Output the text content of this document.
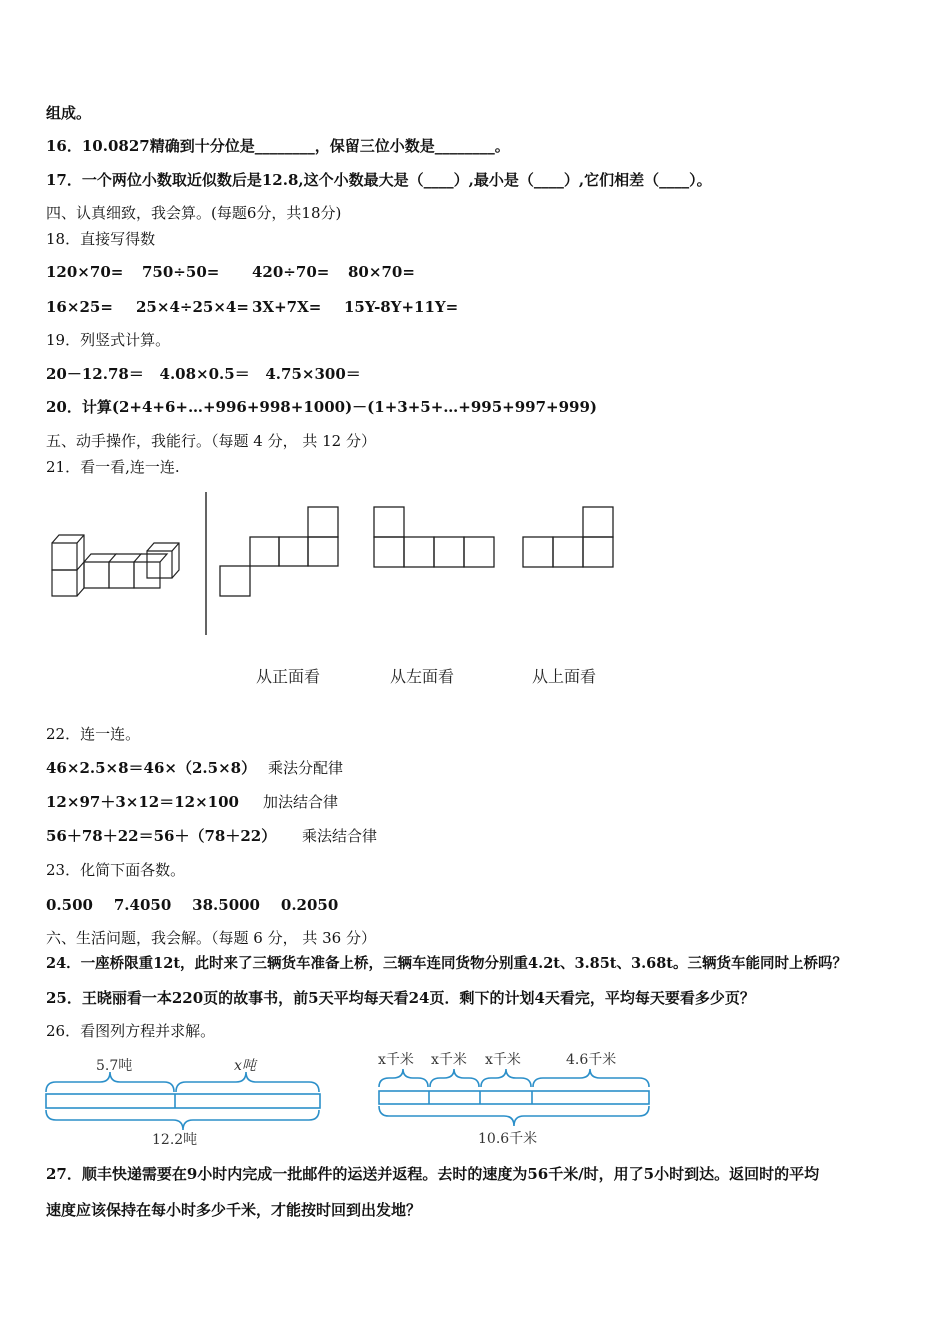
组成。
16．10.0827精确到十分位是________，保留三位小数是________。
17．一个两位小数取近似数后是12.8,这个小数最大是（____）,最小是（____）,它们相差（____）。
四、认真细致，我会算。(每题6分，共18分)
18．直接写得数
120×70= 750÷50= 420÷70= 80×70=
16×25= 25×4÷25×4= 3X+7X= 15Y-8Y+11Y=
19．列竖式计算。
20－12.78＝   4.08×0.5＝   4.75×300＝
20．计算(2+4+6+…+996+998+1000)－(1+3+5+…+995+997+999)
五、动手操作，我能行。（每题 4 分， 共 12 分）
21．看一看,连一连.
从正面看	从左面看	从上面看
22．连一连。
46×2.5×8＝46×（2.5×8） 乘法分配律
12×97＋3×12＝12×100 加法结合律
56＋78＋22＝56＋（78＋22） 乘法结合律
23．化简下面各数。
0.500    7.4050    38.5000    0.2050
六、生活问题，我会解。（每题 6 分， 共 36 分）
24．一座桥限重12t，此时来了三辆货车准备上桥，三辆车连同货物分别重4.2t、3.85t、3.68t。三辆货车能同时上桥吗？
25．王晓丽看一本220页的故事书，前5天平均每天看24页．剩下的计划4天看完，平均每天要看多少页？
26．看图列方程并求解。
5.7吨	x吨
12.2吨
x千米 x千米 x千米	4.6千米
10.6千米
27．顺丰快递需要在9小时内完成一批邮件的运送并返程。去时的速度为56千米/时，用了5小时到达。返回时的平均
速度应该保持在每小时多少千米，才能按时回到出发地？
